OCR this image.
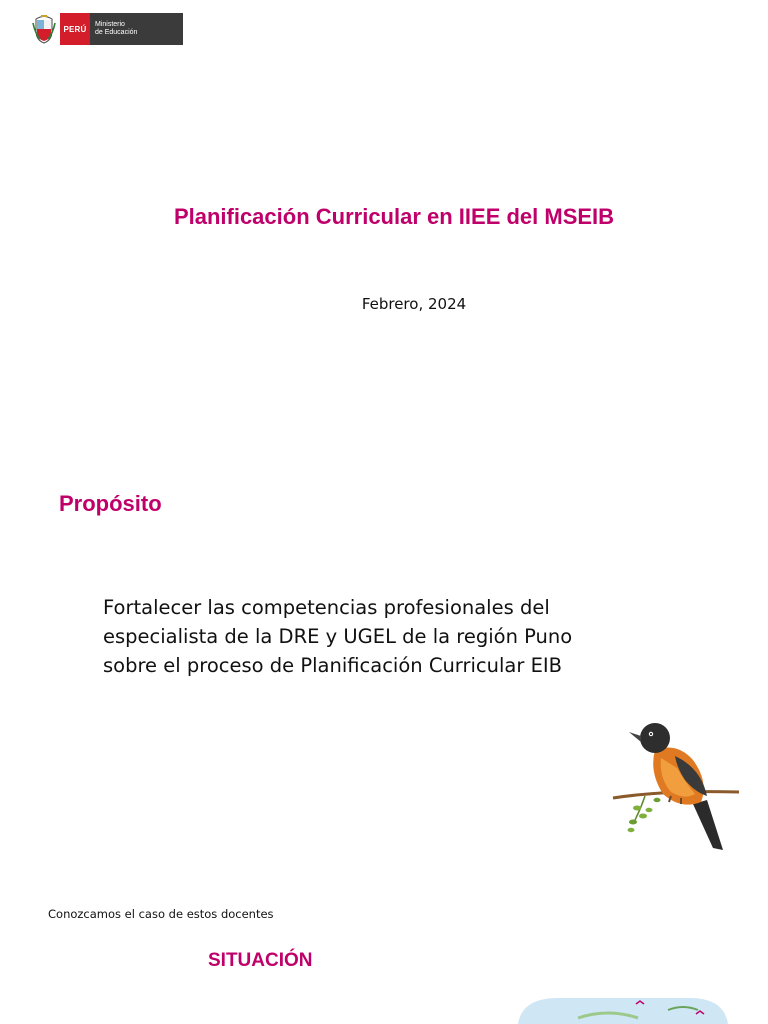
PERÚ	Ministerio
de Educación
Planificación Curricular en IIEE del MSEIB
Febrero, 2024
Propósito
Fortalecer las competencias profesionales del
especialista de la DRE y UGEL de la región Puno
sobre el proceso de Planificación Curricular EIB
Conozcamos el caso de estos docentes
SITUACIÓN
